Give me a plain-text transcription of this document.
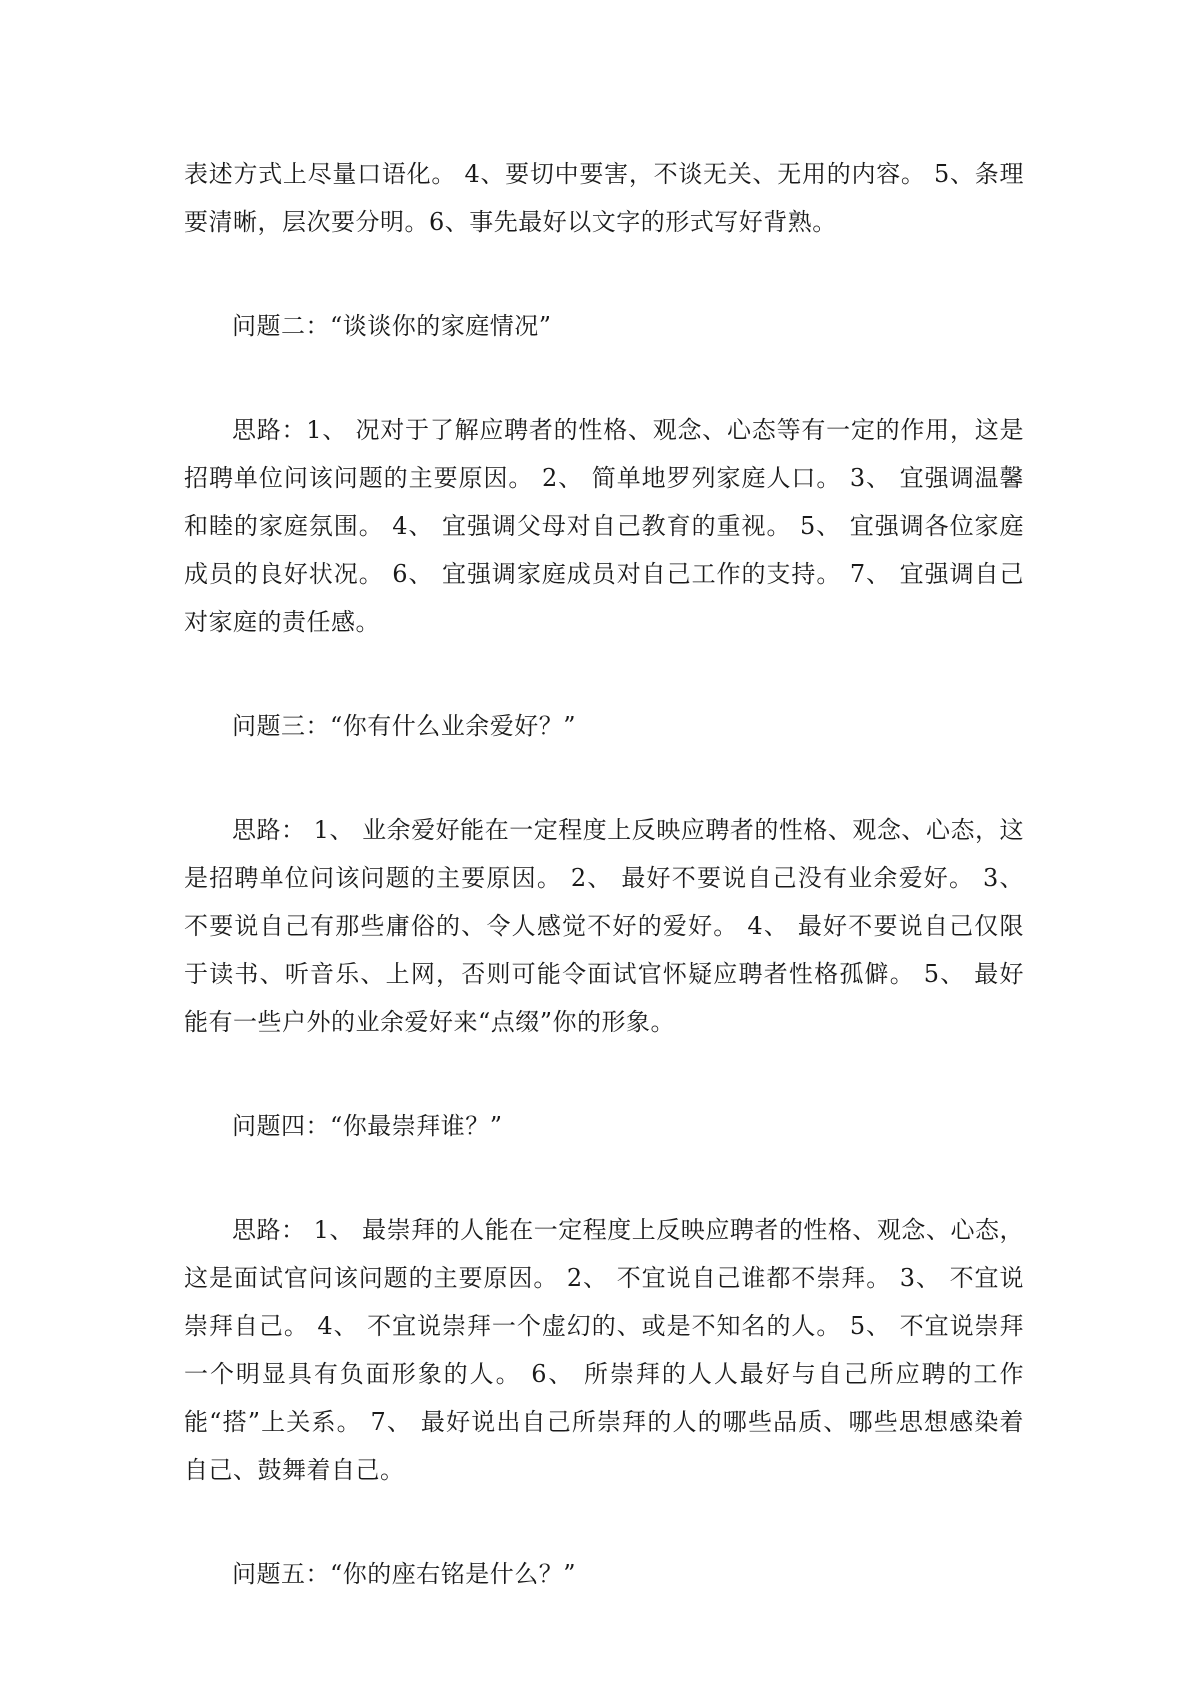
表述方式上尽量口语化。 4、要切中要害，不谈无关、无用的内容。 5、条理要清晰，层次要分明。6、事先最好以文字的形式写好背熟。

问题二：“谈谈你的家庭情况”

思路：1、 况对于了解应聘者的性格、观念、心态等有一定的作用，这是招聘单位问该问题的主要原因。 2、 简单地罗列家庭人口。 3、 宜强调温馨和睦的家庭氛围。 4、 宜强调父母对自己教育的重视。 5、 宜强调各位家庭成员的良好状况。 6、 宜强调家庭成员对自己工作的支持。 7、 宜强调自己对家庭的责任感。

问题三：“你有什么业余爱好？”

思路： 1、 业余爱好能在一定程度上反映应聘者的性格、观念、心态，这是招聘单位问该问题的主要原因。 2、 最好不要说自己没有业余爱好。 3、 不要说自己有那些庸俗的、令人感觉不好的爱好。 4、 最好不要说自己仅限于读书、听音乐、上网，否则可能令面试官怀疑应聘者性格孤僻。 5、 最好能有一些户外的业余爱好来“点缀”你的形象。

问题四：“你最崇拜谁？”

思路： 1、 最崇拜的人能在一定程度上反映应聘者的性格、观念、心态，这是面试官问该问题的主要原因。 2、 不宜说自己谁都不崇拜。 3、 不宜说崇拜自己。 4、 不宜说崇拜一个虚幻的、或是不知名的人。 5、 不宜说崇拜一个明显具有负面形象的人。 6、 所崇拜的人人最好与自己所应聘的工作能“搭”上关系。 7、 最好说出自己所崇拜的人的哪些品质、哪些思想感染着自己、鼓舞着自己。

问题五：“你的座右铭是什么？”
